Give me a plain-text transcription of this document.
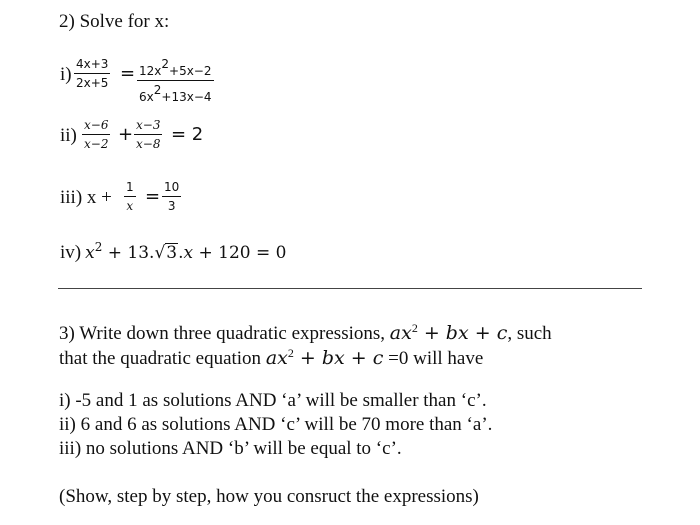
2) Solve for x:
i) 4x+3
$2x+5 = 12x^2+5x-2$
$6x^2+13x-4$
ii) x−6
x−2 + x−3
x−8 = 2
iii) x + 1
x = 10
3
iv) $x^2 + 13.√3.x + 120 = 0$
3) Write down three quadratic expressions, $ax^2$ + bx + c, such
that the quadratic equation $ax^2$ + bx + c =0 will have
i) -5 and 1 as solutions AND ‘a’ will be smaller than ‘c’.
ii) 6 and 6 as solutions AND ‘c’ will be 70 more than ‘a’.
iii) no solutions AND ‘b’ will be equal to ‘c’.
(Show, step by step, how you consruct the expressions)
